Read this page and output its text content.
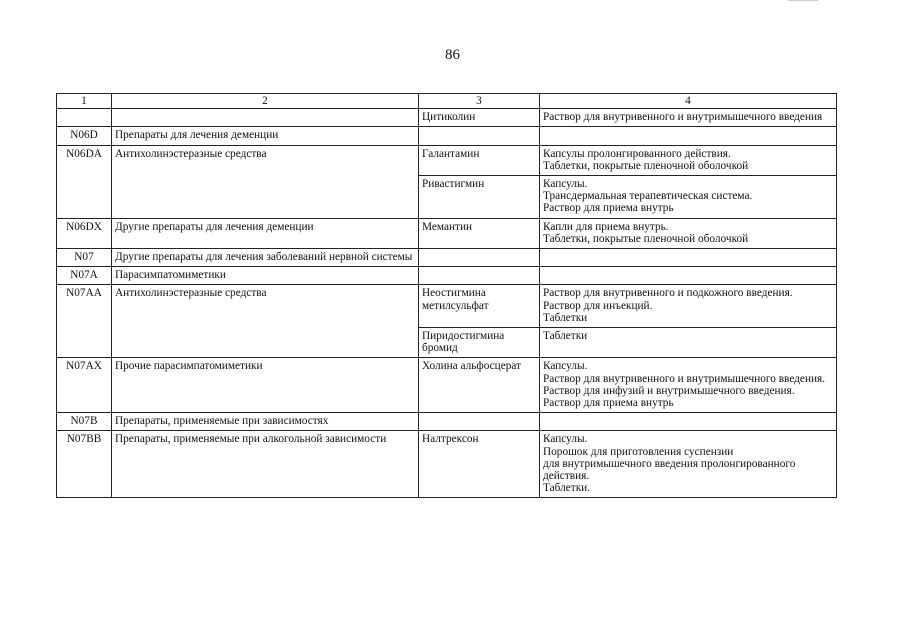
86
1	2	3	4
		Цитиколин	Раствор для внутривенного и внутримышечного введения

N06D	Препараты для лечения деменции		
N06DA	Антихолинэстеразные средства	Галантамин	Капсулы пролонгированного действия.
Таблетки, покрытые пленочной оболочкой

		Ривастигмин	Капсулы.
Трансдермальная терапевтическая система.
Раствор для приема внутрь

N06DX	Другие препараты для лечения деменции	Мемантин	Капли для приема внутрь.
Таблетки, покрытые пленочной оболочкой

N07	Другие препараты для лечения заболеваний нервной системы		
N07A	Парасимпатомиметики		
N07AA	Антихолинэстеразные средства	Неостигмина метилсульфат	Раствор для внутривенного и подкожного введения.
Раствор для инъекций.
Таблетки

		Пиридостигмина бромид	Таблетки

N07AX	Прочие парасимпатомиметики	Холина альфосцерат	Капсулы.
Раствор для внутривенного и внутримышечного введения.
Раствор для инфузий и внутримышечного введения.
Раствор для приема внутрь

N07B	Препараты, применяемые при зависимостях		
N07BB	Препараты, применяемые при алкогольной зависимости	Налтрексон	Капсулы.
Порошок для приготовления суспензии
для внутримышечного введения пролонгированного действия.
Таблетки.
